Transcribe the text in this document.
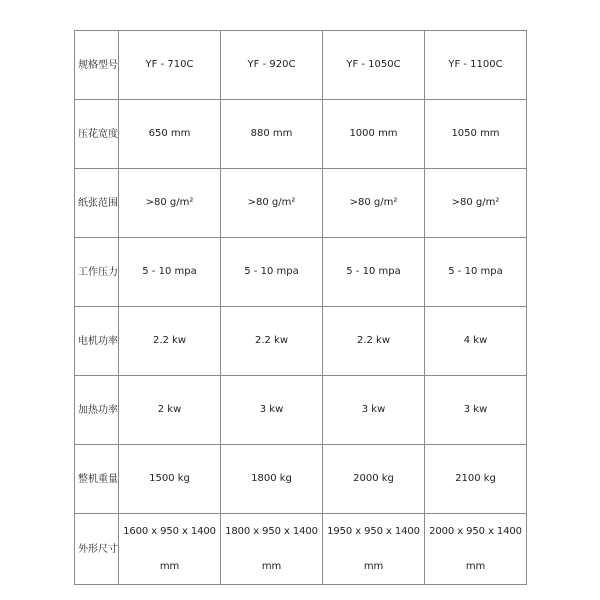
规格型号	YF - 710C	YF - 920C	YF - 1050C	YF - 1100C
压花宽度	650 mm	880 mm	1000 mm	1050 mm
纸张范围	>80 g/m²	>80 g/m²	>80 g/m²	>80 g/m²
工作压力	5 - 10 mpa	5 - 10 mpa	5 - 10 mpa	5 - 10 mpa
电机功率	2.2 kw	2.2 kw	2.2 kw	4 kw
加热功率	2 kw	3 kw	3 kw	3 kw
整机重量	1500 kg	1800 kg	2000 kg	2100 kg
外形尺寸	1600 x 950 x 1400 mm	1800 x 950 x 1400 mm	1950 x 950 x 1400 mm	2000 x 950 x 1400 mm
